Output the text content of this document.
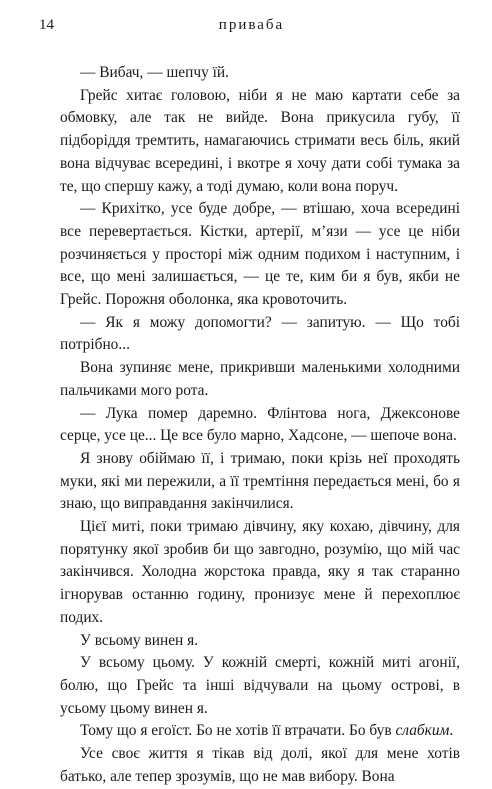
14	приваба

— Вибач, — шепчу їй.

Грейс хитає головою, ніби я не маю картати себе за обмовку, але так не вийде. Вона прикусила губу, її підборіддя тремтить, намагаючись стримати весь біль, який вона відчуває всередині, і вкотре я хочу дати собі тумака за те, що спершу кажу, а тоді думаю, коли вона поруч.

— Крихітко, усе буде добре, — втішаю, хоча всередині все перевертається. Кістки, артерії, м’язи — усе це ніби розчиняється у просторі між одним подихом і наступним, і все, що мені залишається, — це те, ким би я був, якби не Грейс. Порожня оболонка, яка кровоточить.

— Як я можу допомогти? — запитую. — Що тобі потрібно...

Вона зупиняє мене, прикривши маленькими холодними пальчиками мого рота.

— Лука помер даремно. Флінтова нога, Джексонове серце, усе це... Це все було марно, Хадсоне, — шепоче вона.

Я знову обіймаю її, і тримаю, поки крізь неї проходять муки, які ми пережили, а її тремтіння передається мені, бо я знаю, що виправдання закінчилися.

Цієї миті, поки тримаю дівчину, яку кохаю, дівчину, для порятунку якої зробив би що завгодно, розумію, що мій час закінчився. Холодна жорстока правда, яку я так старанно ігнорував останню годину, пронизує мене й перехоплює подих.

У всьому винен я.

У всьому цьому. У кожній смерті, кожній миті агонії, болю, що Грейс та інші відчували на цьому острові, в усьому цьому винен я.

Тому що я егоїст. Бо не хотів її втрачати. Бо був слабким.

Усе своє життя я тікав від долі, якої для мене хотів батько, але тепер зрозумів, що не мав вибору. Вона
